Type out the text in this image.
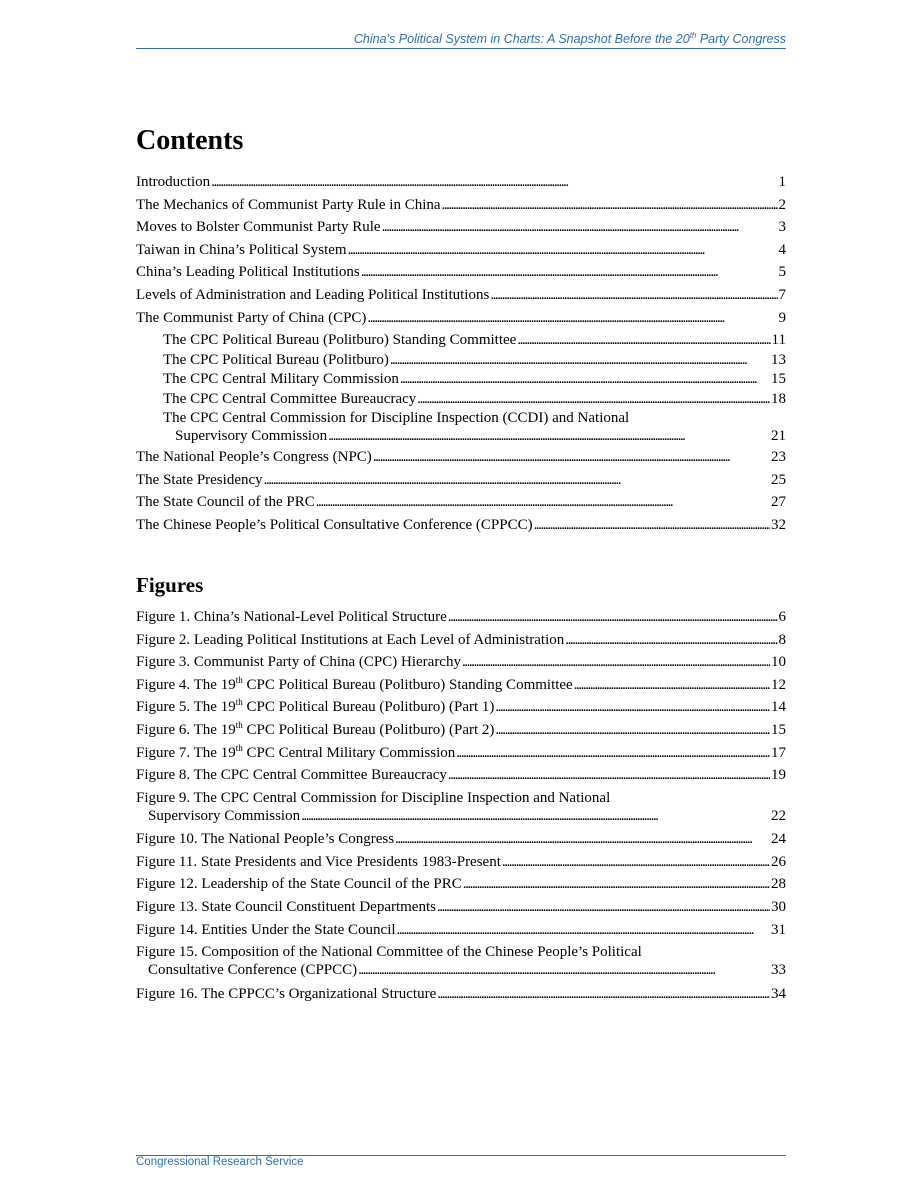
China’s Political System in Charts: A Snapshot Before the 20th Party Congress
Contents
Introduction . . .	1
The Mechanics of Communist Party Rule in China . . .	2
Moves to Bolster Communist Party Rule . . .	3
Taiwan in China’s Political System . . .	4
China’s Leading Political Institutions . . .	5
Levels of Administration and Leading Political Institutions . . .	7
The Communist Party of China (CPC) . . .	9
The CPC Political Bureau (Politburo) Standing Committee . . .	11
The CPC Political Bureau (Politburo) . . .	13
The CPC Central Military Commission . . .	15
The CPC Central Committee Bureaucracy . . .	18
The CPC Central Commission for Discipline Inspection (CCDI) and National
Supervisory Commission . . .	21
The National People’s Congress (NPC) . . .	23
The State Presidency . . .	25
The State Council of the PRC . . .	27
The Chinese People’s Political Consultative Conference (CPPCC) . . .	32
Figures
Figure 1. China’s National-Level Political Structure . . .	6
Figure 2. Leading Political Institutions at Each Level of Administration . . .	8
Figure 3. Communist Party of China (CPC) Hierarchy . . .	10
Figure 4. The 19th CPC Political Bureau (Politburo) Standing Committee . . .	12
Figure 5. The 19th CPC Political Bureau (Politburo) (Part 1) . . .	14
Figure 6. The 19th CPC Political Bureau (Politburo) (Part 2) . . .	15
Figure 7. The 19th CPC Central Military Commission . . .	17
Figure 8. The CPC Central Committee Bureaucracy . . .	19
Figure 9. The CPC Central Commission for Discipline Inspection and National
Supervisory Commission . . .	22
Figure 10. The National People’s Congress . . .	24
Figure 11. State Presidents and Vice Presidents 1983-Present . . .	26
Figure 12. Leadership of the State Council of the PRC . . .	28
Figure 13. State Council Constituent Departments . . .	30
Figure 14. Entities Under the State Council . . .	31
Figure 15. Composition of the National Committee of the Chinese People’s Political
Consultative Conference (CPPCC) . . .	33
Figure 16. The CPPCC’s Organizational Structure . . .	34
Congressional Research Service
